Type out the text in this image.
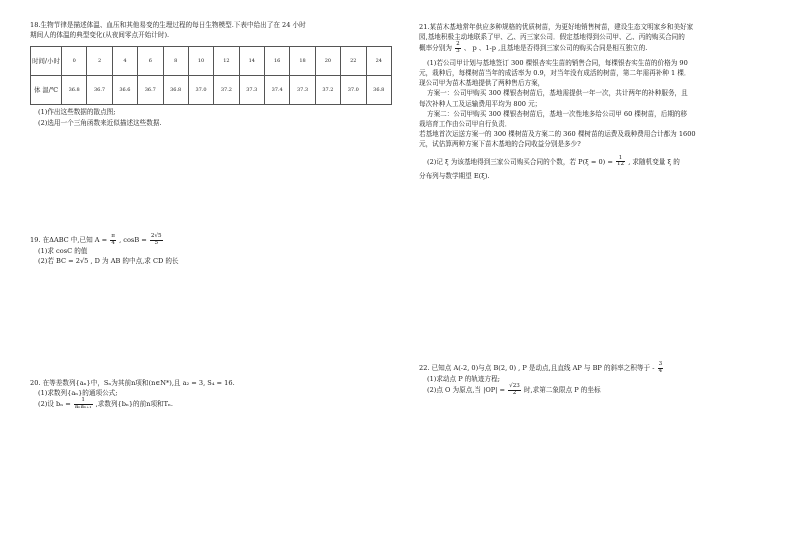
18.生物节律是描述体温、血压和其他易变的生理过程的每日生物模型.下表中给出了在 24 小时

期间人的体温的典型变化(从夜间零点开始计时).

时间/小时	0	2	4	6	8	10	12	14	16	18	20	22	24
体 温/℃	36.8	36.7	36.6	36.7	36.8	37.0	37.2	37.3	37.4	37.3	37.2	37.0	36.8

(1)作出这些数据的散点图;

(2)选用一个三角函数来近似描述这些数据.

19. 在ΔABC 中,已知 $A = \frac{\pi}{4}$ , $\cos B = \frac{2√5}{5}$

(1)求 cosC 的值

(2)若 BC = 2√5 , D 为 AB 的中点,求 CD 的长

20. 在等差数列{aₙ}中，Sₙ为其前n项和(n∈N*),且 a₂ = 3, S₄ = 16.

(1)求数列{aₙ}的通项公式;

(2)设 $b_n = \frac{1}{\text{aₙaₙ₊₁}}$ ,求数列{bₙ}的前n项和Tₙ.

21.某苗木基地常年供应多种规格的优质树苗，为更好地销售树苗，建设生态文明家乡和美好家

园,基地积极主动地联系了甲、乙、丙三家公司．假定基地得到公司甲、乙、丙的购买合同的

概率分别为 $\frac{2}{3}$ 、 p 、1-p ,且基地是否得到三家公司的购买合同是相互独立的.

(1)若公司甲计划与基地签订 300 棵银杏实生苗的销售合同，每棵银杏实生苗的价格为 90

元，栽种后，每棵树苗当年的成活率为 0.9，对当年没有成活的树苗，第二年需再补种 1 棵．

现公司甲为苗木基地提供了两种售后方案，

方案一：公司甲购买 300 棵银杏树苗后，基地需提供一年一次，共计两年的补种服务，且

每次补种人工及运输费用平均为 800 元；

方案二：公司甲购买 300 棵银杏树苗后，基地一次性地多给公司甲 60 棵树苗，后期的移

栽培育工作由公司甲自行负责．

若基地首次运送方案一的 300 棵树苗及方案二的 360 棵树苗的运费及栽种费用合计都为 1600

元，试估算两种方案下苗木基地的合同收益分别是多少?

(2)记 ξ 为该基地得到三家公司购买合同的个数，若 $P(\xi = 0) = \frac{1}{12}$ , 求随机变量 ξ 的

分布列与数学期望 E(ξ).

22. 已知点 A(-2, 0)与点 B(2, 0) , P 是动点,且直线 AP 与 BP 的斜率之积等于 - $\frac{3}{4}$

(1)求动点 P 的轨迹方程;

(2)点 O 为原点,当 $|OP| = \frac{√23}{2}$ 时,求第二象限点 P 的坐标
